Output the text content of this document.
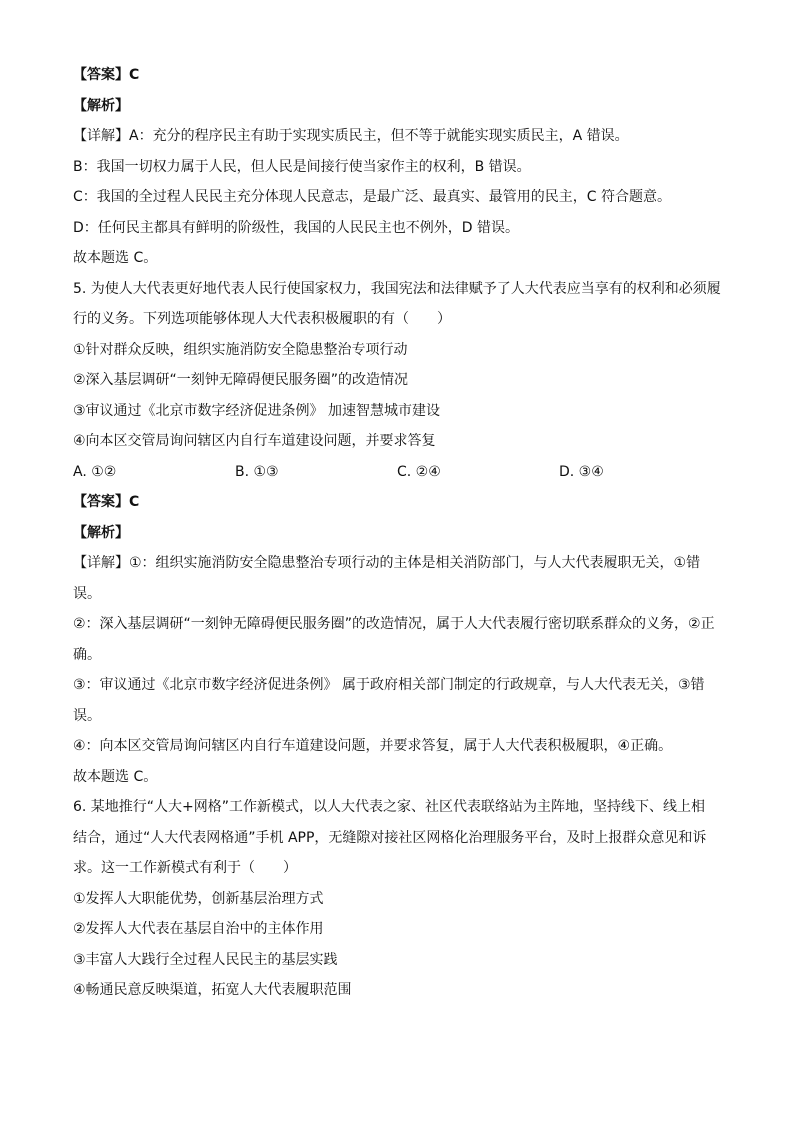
【答案】C
【解析】
【详解】A：充分的程序民主有助于实现实质民主，但不等于就能实现实质民主，A 错误。
B：我国一切权力属于人民，但人民是间接行使当家作主的权利，B 错误。
C：我国的全过程人民民主充分体现人民意志，是最广泛、最真实、最管用的民主，C 符合题意。
D：任何民主都具有鲜明的阶级性，我国的人民民主也不例外，D 错误。
故本题选 C。
5. 为使人大代表更好地代表人民行使国家权力，我国宪法和法律赋予了人大代表应当享有的权利和必须履
行的义务。下列选项能够体现人大代表积极履职的有（　　）
①针对群众反映，组织实施消防安全隐患整治专项行动
②深入基层调研“一刻钟无障碍便民服务圈”的改造情况
③审议通过《北京市数字经济促进条例》 加速智慧城市建设
④向本区交管局询问辖区内自行车道建设问题，并要求答复
A. ①②	B. ①③	C. ②④	D. ③④
【答案】C
【解析】
【详解】①：组织实施消防安全隐患整治专项行动的主体是相关消防部门，与人大代表履职无关，①错
误。
②：深入基层调研“一刻钟无障碍便民服务圈”的改造情况，属于人大代表履行密切联系群众的义务，②正
确。
③：审议通过《北京市数字经济促进条例》 属于政府相关部门制定的行政规章，与人大代表无关，③错
误。
④：向本区交管局询问辖区内自行车道建设问题，并要求答复，属于人大代表积极履职，④正确。
故本题选 C。
6. 某地推行“人大+网格”工作新模式，以人大代表之家、社区代表联络站为主阵地，坚持线下、线上相
结合，通过“人大代表网格通”手机 APP，无缝隙对接社区网格化治理服务平台，及时上报群众意见和诉
求。这一工作新模式有利于（　　）
①发挥人大职能优势，创新基层治理方式
②发挥人大代表在基层自治中的主体作用
③丰富人大践行全过程人民民主的基层实践
④畅通民意反映渠道，拓宽人大代表履职范围
